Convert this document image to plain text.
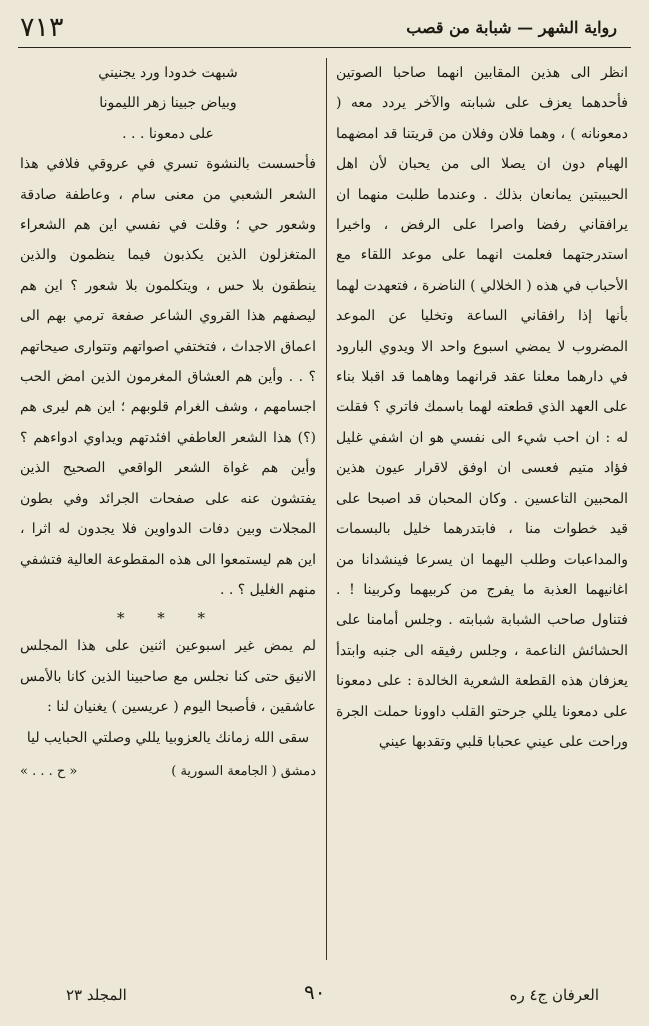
٧١٣	رواية الشهر — شبابة من قصب

انظر الى هذين المقابين انهما صاحبا الصوتين فأحدهما يعزف على شبابته والآخر يردد معه ( دمعونانه ) ، وهما فلان وفلان من قريتنا قد امضهما الهيام دون ان يصلا الى من يحبان لأن اهل الحبيبتين يمانعان بذلك . وعندما طلبت منهما ان يرافقاني رفضا واصرا على الرفض ، واخيرا استدرجتهما فعلمت انهما على موعد اللقاء مع الأحباب في هذه ( الخلالي ) الناضرة ، فتعهدت لهما بأنها إذا رافقاني الساعة وتخليا عن الموعد المضروب لا يمضي اسبوع واحد الا ويدوي البارود في دارهما معلنا عقد قرانهما وهاهما قد اقبلا بناء على العهد الذي قطعته لهما باسمك فاتري ؟ فقلت له : ان احب شيء الى نفسي هو ان اشفي غليل فؤاد متيم فعسى ان اوفق لاقرار عيون هذين المحبين التاعسين . وكان المحبان قد اصبحا على قيد خطوات منا ، فابتدرهما خليل بالبسمات والمداعبات وطلب اليهما ان يسرعا فينشدانا من اغانيهما العذبة ما يفرج من كربيهما وكربينا ! . فتناول صاحب الشبابة شبابته . وجلس أمامنا على الحشائش الناعمة ، وجلس رفيقه الى جنبه وابتدأ يعزفان هذه القطعة الشعرية الخالدة : على دمعونا على دمعونا يللي جرحتو القلب داوونا حملت الجرة وراحت على عيني عحبابا قلبي وتقدبها عيني

شبهت خدودا ورد يجنيني
وبياض جبينا زهر الليمونا
على دمعونا . . .

فأحسست بالنشوة تسري في عروقي فلافي هذا الشعر الشعبي من معنى سام ، وعاطفة صادقة وشعور حي ؛ وقلت في نفسي اين هم الشعراء المتغزلون الذين يكذبون فيما ينظمون والذين ينطقون بلا حس ، ويتكلمون بلا شعور ؟ اين هم ليصفهم هذا القروي الشاعر صفعة ترمي بهم الى اعماق الاجداث ، فتختفي اصواتهم وتتوارى صيحاتهم ؟ . . وأين هم العشاق المغرمون الذين امض الحب اجسامهم ، وشف الغرام قلوبهم ؛ اين هم ليرى هم (؟) هذا الشعر العاطفي افئدتهم ويداوي ادواءهم ؟ وأين هم غواة الشعر الواقعي الصحيح الذين يفتشون عنه على صفحات الجرائد وفي بطون المجلات وبين دفات الدواوين فلا يجدون له اثرا ، اين هم ليستمعوا الى هذه المقطوعة العالية فتشفي منهم الغليل ؟ . .

* * *

لم يمض غير اسبوعين اثنين على هذا المجلس الانيق حتى كنا نجلس مع صاحبينا الذين كانا بالأمس عاشقين ، فأصبحا اليوم ( عريسين ) يغنيان لنا :

سقى الله زمانك يالعزوبيا يللي وصلتي الحبايب ليا

دمشق ( الجامعة السورية )
« ح . . . »
العرفان ج٤ ره
٩٠
المجلد ٢٣
